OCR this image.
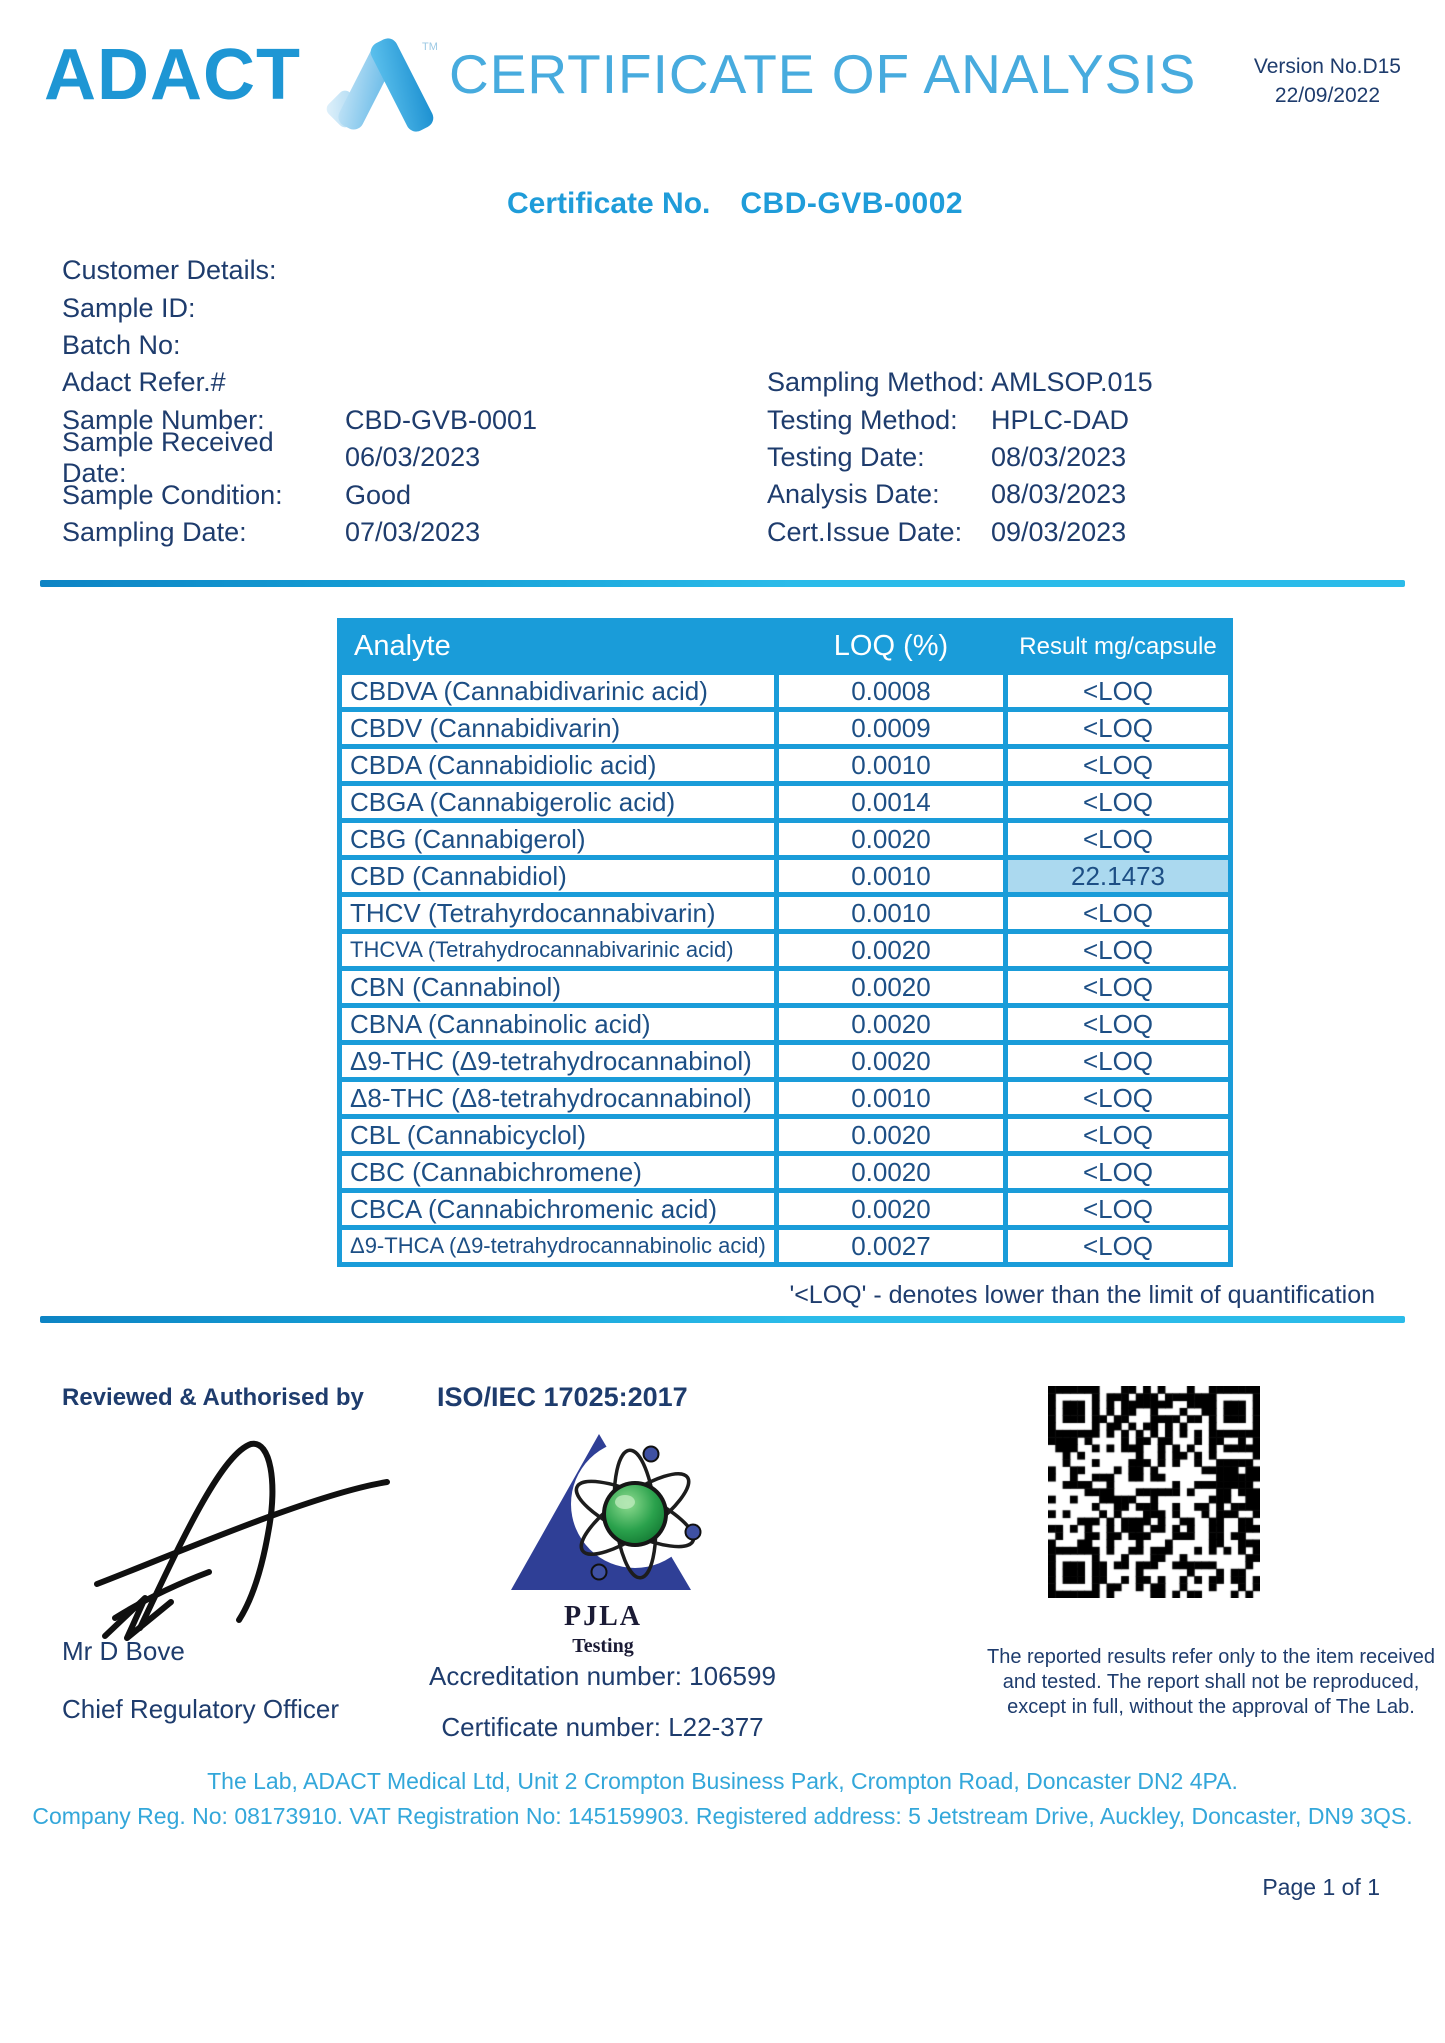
ADACT	TM CERTIFICATE OF ANALYSIS	Version No.D15
22/09/2022
Certificate No. CBD-GVB-0002
Customer Details:
Sample ID:
Batch No:
Adact Refer.#
Sample Number:	CBD-GVB-0001
Sample Received Date:
06/03/2023
Sample Condition:	Good
Sampling Date:	07/03/2023
Sampling Method: AMLSOP.015
Testing Method:	HPLC-DAD
Testing Date:	08/03/2023
Analysis Date:	08/03/2023
Cert.Issue Date:	09/03/2023
Analyte	LOQ (%)	Result mg/capsule
CBDVA (Cannabidivarinic acid)	0.0008	<LOQ
CBDV (Cannabidivarin)	0.0009	<LOQ
CBDA (Cannabidiolic acid)	0.0010	<LOQ
CBGA (Cannabigerolic acid)	0.0014	<LOQ
CBG (Cannabigerol)	0.0020	<LOQ
CBD (Cannabidiol)	0.0010	22.1473
THCV (Tetrahyrdocannabivarin)	0.0010	<LOQ
THCVA (Tetrahydrocannabivarinic acid)	0.0020	<LOQ
CBN (Cannabinol)	0.0020	<LOQ
CBNA (Cannabinolic acid)	0.0020	<LOQ
Δ9-THC (Δ9-tetrahydrocannabinol)	0.0020	<LOQ
Δ8-THC (Δ8-tetrahydrocannabinol)	0.0010	<LOQ
CBL (Cannabicyclol)	0.0020	<LOQ
CBC (Cannabichromene)	0.0020	<LOQ
CBCA (Cannabichromenic acid)	0.0020	<LOQ
Δ9-THCA (Δ9-tetrahydrocannabinolic acid)	0.0027	<LOQ
'<LOQ' - denotes lower than the limit of quantification
Reviewed & Authorised by	ISO/IEC 17025:2017
PJLA
Testing
Mr D Bove
Chief Regulatory Officer
Accreditation number: 106599
Certificate number: L22-377
The reported results refer only to the item received and tested. The report shall not be reproduced, except in full, without the approval of The Lab.
The Lab, ADACT Medical Ltd, Unit 2 Crompton Business Park, Crompton Road, Doncaster DN2 4PA.
Company Reg. No: 08173910. VAT Registration No: 145159903. Registered address: 5 Jetstream Drive, Auckley, Doncaster, DN9 3QS.
Page 1 of 1
